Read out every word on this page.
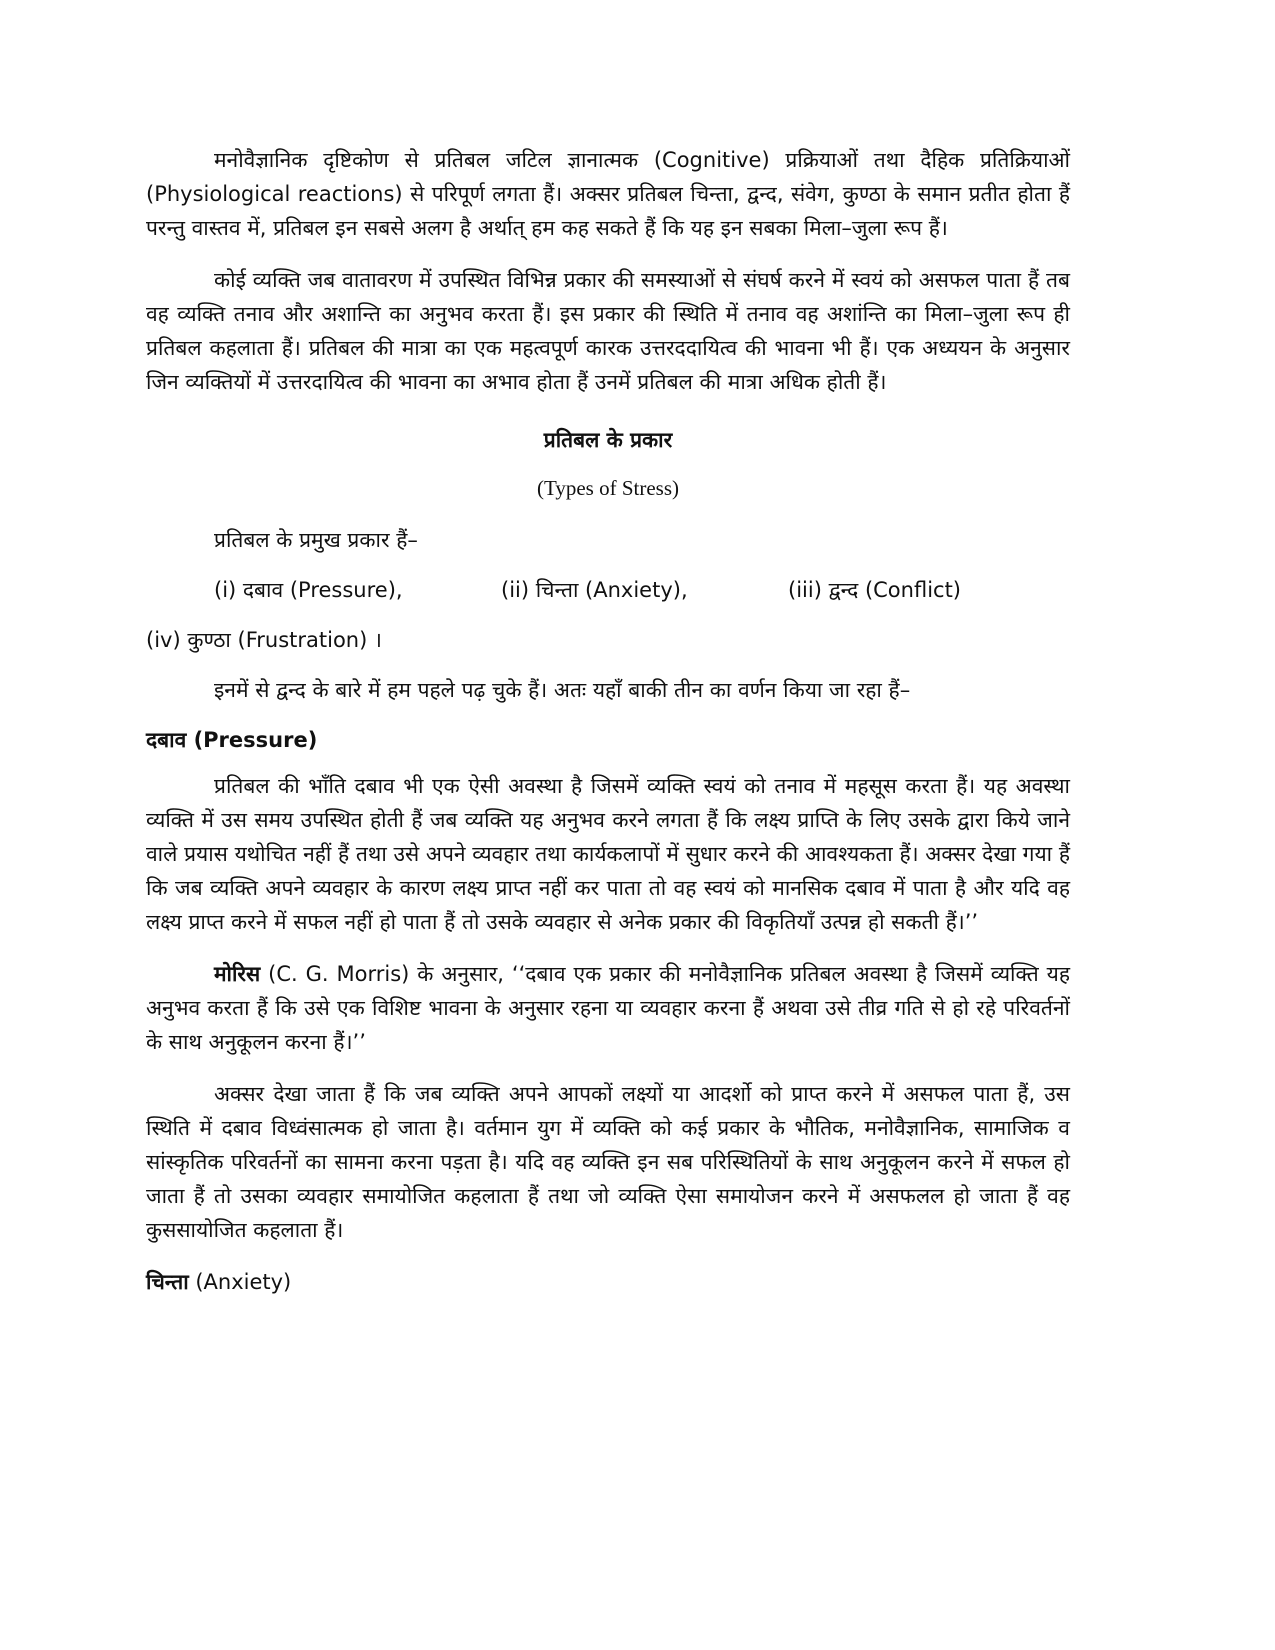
मनोवैज्ञानिक दृष्टिकोण से प्रतिबल जटिल ज्ञानात्मक (Cognitive) प्रक्रियाओं तथा दैहिक प्रतिक्रियाओं (Physiological reactions) से परिपूर्ण लगता हैं। अक्सर प्रतिबल चिन्ता, द्वन्द, संवेग, कुण्ठा के समान प्रतीत होता हैं परन्तु वास्तव में, प्रतिबल इन सबसे अलग है अर्थात् हम कह सकते हैं कि यह इन सबका मिला–जुला रूप हैं।

कोई व्यक्ति जब वातावरण में उपस्थित विभिन्न प्रकार की समस्याओं से संघर्ष करने में स्वयं को असफल पाता हैं तब वह व्यक्ति तनाव और अशान्ति का अनुभव करता हैं। इस प्रकार की स्थिति में तनाव वह अशांन्ति का मिला–जुला रूप ही प्रतिबल कहलाता हैं। प्रतिबल की मात्रा का एक महत्वपूर्ण कारक उत्तरददायित्व की भावना भी हैं। एक अध्ययन के अनुसार जिन व्यक्तियों में उत्तरदायित्व की भावना का अभाव होता हैं उनमें प्रतिबल की मात्रा अधिक होती हैं।

प्रतिबल के प्रकार

(Types of Stress)

प्रतिबल के प्रमुख प्रकार हैं–

(i) दबाव (Pressure),	(ii) चिन्ता (Anxiety),	(iii) द्वन्द (Conflict)

(iv) कुण्ठा (Frustration) ।

इनमें से द्वन्द के बारे में हम पहले पढ़ चुके हैं। अतः यहाँ बाकी तीन का वर्णन किया जा रहा हैं–

दबाव (Pressure)

प्रतिबल की भाँति दबाव भी एक ऐसी अवस्था है जिसमें व्यक्ति स्वयं को तनाव में महसूस करता हैं। यह अवस्था व्यक्ति में उस समय उपस्थित होती हैं जब व्यक्ति यह अनुभव करने लगता हैं कि लक्ष्य प्राप्ति के लिए उसके द्वारा किये जाने वाले प्रयास यथोचित नहीं हैं तथा उसे अपने व्यवहार तथा कार्यकलापों में सुधार करने की आवश्यकता हैं। अक्सर देखा गया हैं कि जब व्यक्ति अपने व्यवहार के कारण लक्ष्य प्राप्त नहीं कर पाता तो वह स्वयं को मानसिक दबाव में पाता है और यदि वह लक्ष्य प्राप्त करने में सफल नहीं हो पाता हैं तो उसके व्यवहार से अनेक प्रकार की विकृतियाँ उत्पन्न हो सकती हैं।’’

मोरिस (C. G. Morris) के अनुसार, ‘‘दबाव एक प्रकार की मनोवैज्ञानिक प्रतिबल अवस्था है जिसमें व्यक्ति यह अनुभव करता हैं कि उसे एक विशिष्ट भावना के अनुसार रहना या व्यवहार करना हैं अथवा उसे तीव्र गति से हो रहे परिवर्तनों के साथ अनुकूलन करना हैं।’’

अक्सर देखा जाता हैं कि जब व्यक्ति अपने आपकों लक्ष्यों या आदर्शो को प्राप्त करने में असफल पाता हैं, उस स्थिति में दबाव विध्वंसात्मक हो जाता है। वर्तमान युग में व्यक्ति को कई प्रकार के भौतिक, मनोवैज्ञानिक, सामाजिक व सांस्कृतिक परिवर्तनों का सामना करना पड़ता है। यदि वह व्यक्ति इन सब परिस्थितियों के साथ अनुकूलन करने में सफल हो जाता हैं तो उसका व्यवहार समायोजित कहलाता हैं तथा जो व्यक्ति ऐसा समायोजन करने में असफलल हो जाता हैं वह कुससायोजित कहलाता हैं।

चिन्ता (Anxiety)
